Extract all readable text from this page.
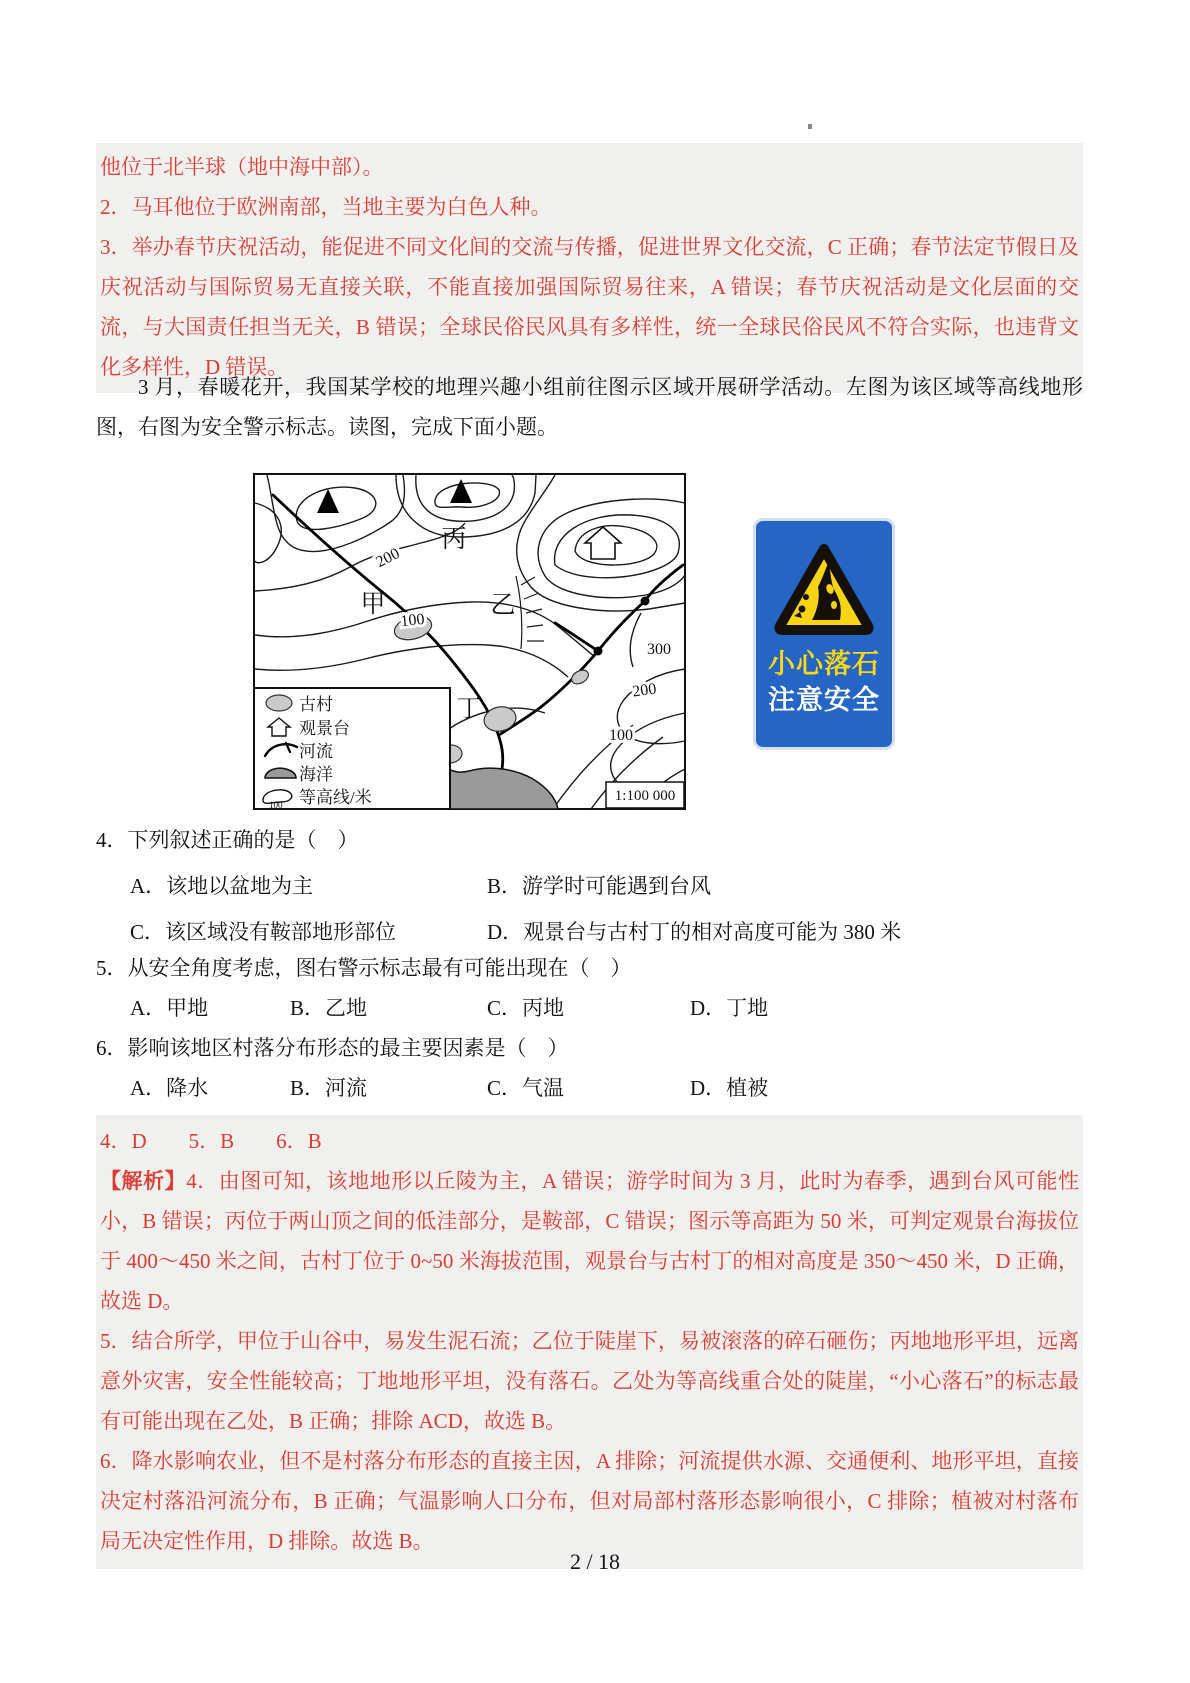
他位于北半球（地中海中部）。

2．马耳他位于欧洲南部，当地主要为白色人种。

3．举办春节庆祝活动，能促进不同文化间的交流与传播，促进世界文化交流，C 正确；春节法定节假日及庆祝活动与国际贸易无直接关联，不能直接加强国际贸易往来，A 错误；春节庆祝活动是文化层面的交流，与大国责任担当无关，B 错误；全球民俗民风具有多样性，统一全球民俗民风不符合实际，也违背文化多样性，D 错误。

3 月，春暖花开，我国某学校的地理兴趣小组前往图示区域开展研学活动。左图为该区域等高线地形图，右图为安全警示标志。读图，完成下面小题。

200
100
300
200
100
甲	乙
丙
丁
古村
观景台
河流
海洋
100 等高线/米	1:100 000
小心落石
注意安全
4．下列叙述正确的是（　）
A．该地以盆地为主	B．游学时可能遇到台风
C．该区域没有鞍部地形部位	D．观景台与古村丁的相对高度可能为 380 米
5．从安全角度考虑，图右警示标志最有可能出现在（　）
A．甲地	B．乙地	C．丙地	D．丁地
6．影响该地区村落分布形态的最主要因素是（　）
A．降水	B．河流	C．气温	D．植被

4．D　　5．B　　6．B

【解析】4．由图可知，该地地形以丘陵为主，A 错误；游学时间为 3 月，此时为春季，遇到台风可能性小，B 错误；丙位于两山顶之间的低洼部分，是鞍部，C 错误；图示等高距为 50 米，可判定观景台海拔位于 400～450 米之间，古村丁位于 0~50 米海拔范围，观景台与古村丁的相对高度是 350～450 米，D 正确，故选 D。

5．结合所学，甲位于山谷中，易发生泥石流；乙位于陡崖下，易被滚落的碎石砸伤；丙地地形平坦，远离意外灾害，安全性能较高；丁地地形平坦，没有落石。乙处为等高线重合处的陡崖，“小心落石”的标志最有可能出现在乙处，B 正确；排除 ACD，故选 B。

6．降水影响农业，但不是村落分布形态的直接主因，A 排除；河流提供水源、交通便利、地形平坦，直接决定村落沿河流分布，B 正确；气温影响人口分布，但对局部村落形态影响很小，C 排除；植被对村落布局无决定性作用，D 排除。故选 B。

2 / 18
